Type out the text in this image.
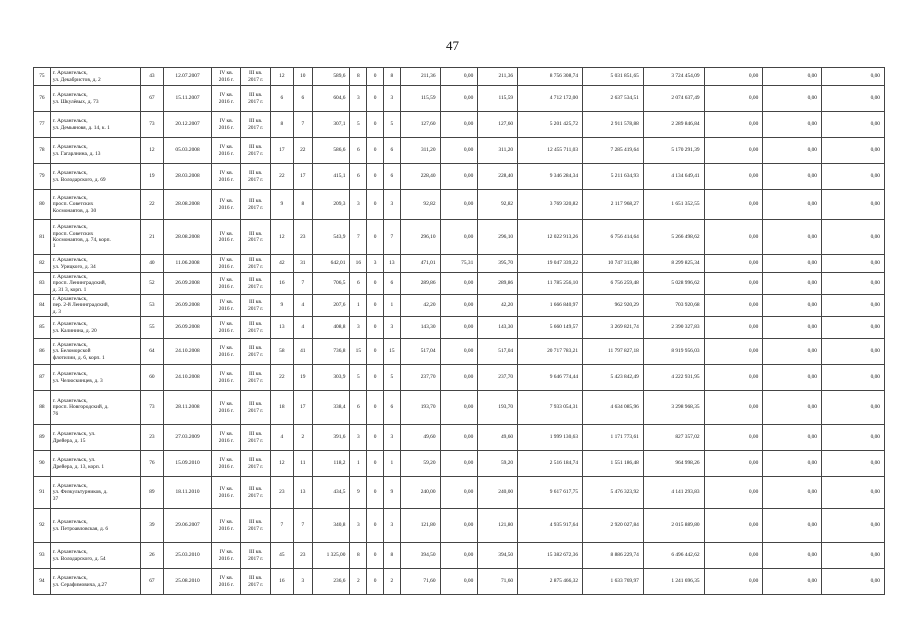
47
75	г. Архангельск,
ул. Декабристов, д. 2	43	12.07.2007	IV кв.
2016 г.	III кв.
2017 г.	12	10	589,6	8	0	8	211,36	0,00	211,36	8 756 308,74	5 031 851,65	3 724 454,09	0,00	0,00	0,00
76	г. Архангельск,
ул. Шкулёвых, д. 73	67	15.11.2007	IV кв.
2016 г.	III кв.
2017 г.	6	6	604,6	3	0	3	115,59	0,00	115,59	4 712 172,00	2 637 534,51	2 074 637,49	0,00	0,00	0,00
77	г. Архангельск,
ул. Демьяновя, д. 14, к. 1	73	20.12.2007	IV кв.
2016 г.	III кв.
2017 г.	8	7	307,1	5	0	5	127,60	0,00	127,60	5 201 425,72	2 911 578,88	2 289 846,84	0,00	0,00	0,00
78	г. Архангельск,
ул. Гагарлнина, д. 13	12	05.03.2008	IV кв.
2016 г.	III кв.
2017 г.	17	22	586,6	6	0	6	311,20	0,00	311,20	12 455 711,03	7 285 419,64	5 170 291,39	0,00	0,00	0,00
79	г. Архангельск,
ул. Володарского, д. 69	19	28.03.2008	IV кв.
2016 г.	III кв.
2017 г.	22	17	415,1	6	0	6	228,40	0,00	228,40	9 346 284,34	5 211 634,93	4 134 649,41	0,00	0,00	0,00
80	г. Архангельск,
просп. Советских
Космонавтов, д. 30	22	28.08.2008	IV кв.
2016 г.	III кв.
2017 г.	9	8	209,3	3	0	3	92,82	0,00	92,82	3 769 320,82	2 117 968,27	1 651 352,55	0,00	0,00	0,00
81	г. Архангельск,
просп. Советских
Космонавтов, д. 74, корп.
1	21	28.08.2008	IV кв.
2016 г.	III кв.
2017 г.	12	23	543,9	7	0	7	296,10	0,00	296,10	12 022 913,26	6 756 414,64	5 266 498,62	0,00	0,00	0,00
82	г. Архангельск,
ул. Урицкого, д. 34	40	11.06.2008	IV кв.
2016 г.	III кв.
2017 г.	42	31	642,01	16	3	13	471,01	75,31	395,70	19 047 339,22	10 747 313,88	8 299 825,34	0,00	0,00	0,00
83	г. Архангельск,
просп. Ленинградский,
д. 31 3, корп. 1	52	26.09.2008	IV кв.
2016 г.	III кв.
2017 г.	16	7	706,5	6	0	6	289,86	0,00	289,86	11 785 256,10	6 756 259,48	5 028 996,62	0,00	0,00	0,00
84	г. Архангельск,
пер. 2-й Ленинградский,
д. 3	53	26.09.2008	IV кв.
2016 г.	III кв.
2017 г.	9	4	207,6	1	0	1	42,20	0,00	42,20	1 666 840,97	962 920,29	703 920,68	0,00	0,00	0,00
85	г. Архангельск,
ул. Калинина, д. 20	55	26.09.2008	IV кв.
2016 г.	III кв.
2017 г.	13	4	408,8	3	0	3	143,30	0,00	143,30	5 660 149,57	3 269 821,74	2 390 327,83	0,00	0,00	0,00
86	г. Архангельск,
ул. Беломорской
флотилии, д. 6, корп. 1	64	24.10.2008	IV кв.
2016 г.	III кв.
2017 г.	58	41	736,8	15	0	15	517,04	0,00	517,04	20 717 783,21	11 797 827,18	8 919 956,03	0,00	0,00	0,00
87	г. Архангельск,
ул. Челюскинцев, д. 3	60	24.10.2008	IV кв.
2016 г.	III кв.
2017 г.	22	19	303,9	5	0	5	237,70	0,00	237,70	9 646 774,44	5 423 842,49	4 222 931,95	0,00	0,00	0,00
88	г. Архангельск,
просп. Новгородский, д.
76	73	28.11.2008	IV кв.
2016 г.	III кв.
2017 г.	18	17	338,4	6	0	6	193,70	0,00	193,70	7 933 054,31	4 634 085,96	3 298 968,35	0,00	0,00	0,00
89	г. Архангельск, ул.
Дрейера, д. 15	23	27.03.2009	IV кв.
2016 г.	III кв.
2017 г.	4	2	391,6	3	0	3	49,60	0,00	49,60	1 999 130,63	1 171 773,61	827 357,02	0,00	0,00	0,00
90	г. Архангельск, ул.
Дрейера, д. 13, корп. 1	76	15.09.2010	IV кв.
2016 г.	III кв.
2017 г.	12	11	118,2	1	0	1	59,20	0,00	59,20	2 516 184,74	1 551 186,48	964 998,26	0,00	0,00	0,00
91	г. Архангельск,
ул. Физкультурников, д.
37	89	18.11.2010	IV кв.
2016 г.	III кв.
2017 г.	23	13	434,5	9	0	9	240,00	0,00	240,00	9 617 617,75	5 476 323,92	4 141 293,83	0,00	0,00	0,00
92	г. Архангельск,
ул. Петроавловская, д. 6	39	29.06.2007	IV кв.
2016 г.	III кв.
2017 г.	7	7	340,8	3	0	3	121,80	0,00	121,80	4 935 917,64	2 920 027,84	2 015 889,80	0,00	0,00	0,00
93	г. Архангельск,
ул. Володарского, д. 54	26	25.03.2010	IV кв.
2016 г.	III кв.
2017 г.	45	23	1 325,00	8	0	8	394,50	0,00	394,50	15 382 672,36	8 886 229,74	6 496 442,62	0,00	0,00	0,00
94	г. Архангельск,
ул. Серафимовича, д.27	67	25.08.2010	IV кв.
2016 г.	III кв.
2017 г.	16	3	236,6	2	0	2	71,60	0,00	71,60	2 875 466,32	1 633 769,97	1 241 696,35	0,00	0,00	0,00
